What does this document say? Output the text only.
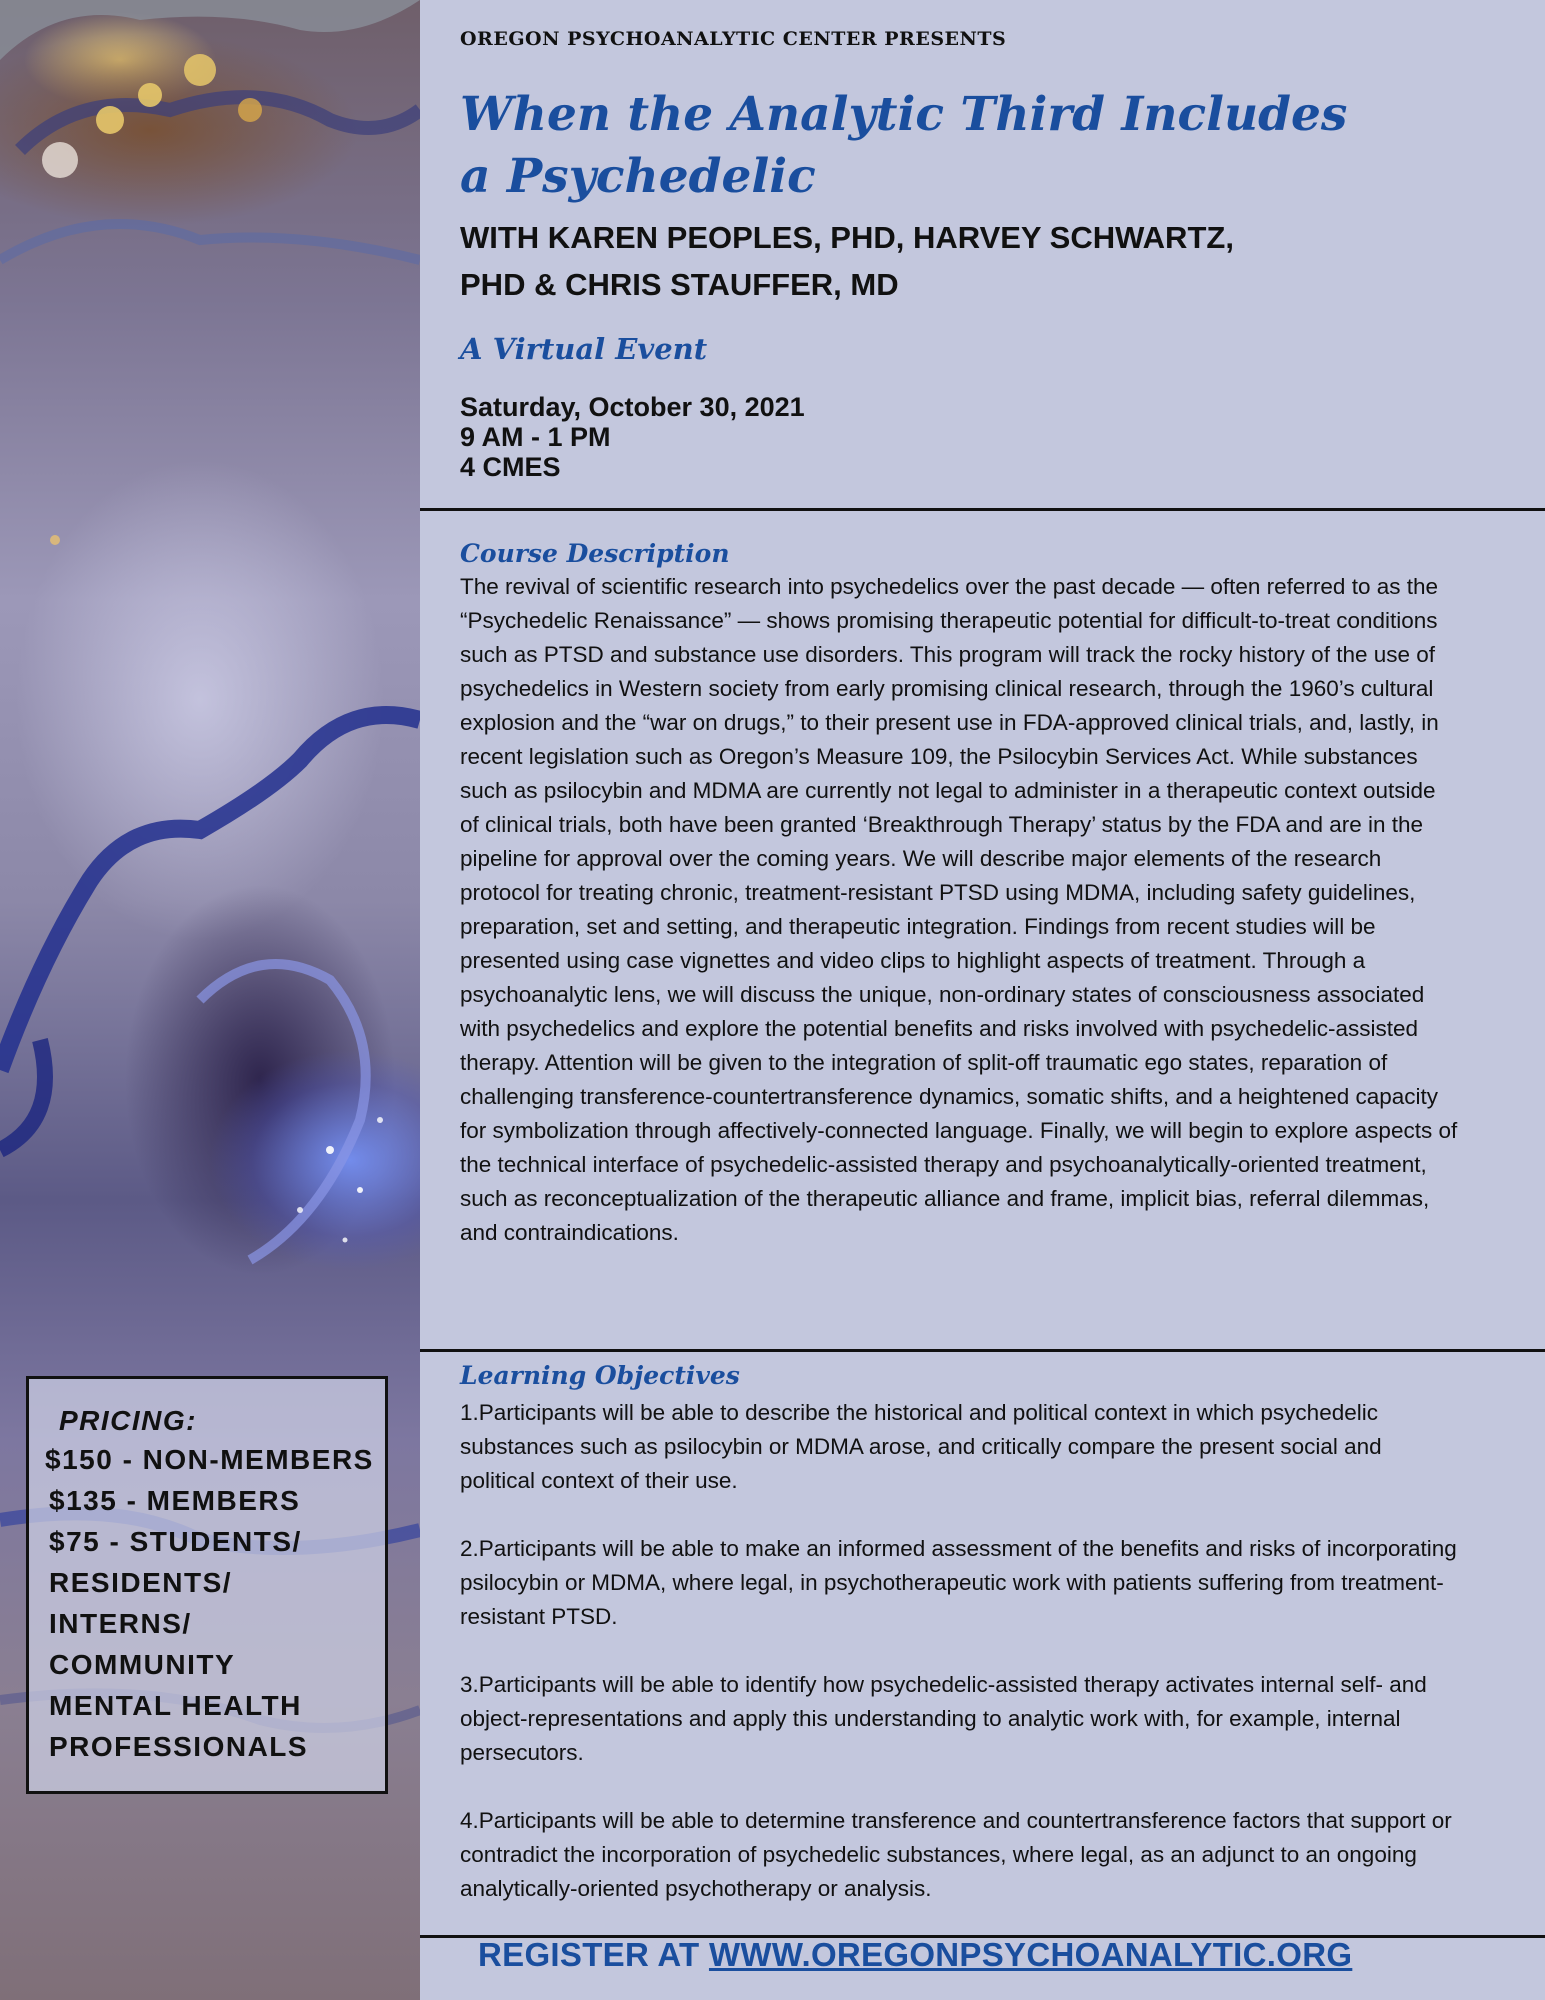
PRICING:
$150 - NON-MEMBERS
$135 - MEMBERS
$75 - STUDENTS/
RESIDENTS/
INTERNS/
COMMUNITY
MENTAL HEALTH
PROFESSIONALS
OREGON PSYCHOANALYTIC CENTER PRESENTS
When the Analytic Third Includes
a Psychedelic
WITH KAREN PEOPLES, PHD, HARVEY SCHWARTZ,
PHD & CHRIS STAUFFER, MD
A Virtual Event
Saturday, October 30, 2021
9 AM - 1 PM
4 CMES
Course Description
The revival of scientific research into psychedelics over the past decade — often referred to as the “Psychedelic Renaissance” — shows promising therapeutic potential for difficult-to-treat conditions such as PTSD and substance use disorders. This program will track the rocky history of the use of psychedelics in Western society from early promising clinical research, through the 1960’s cultural explosion and the “war on drugs,” to their present use in FDA-approved clinical trials, and, lastly, in recent legislation such as Oregon’s Measure 109, the Psilocybin Services Act. While substances such as psilocybin and MDMA are currently not legal to administer in a therapeutic context outside of clinical trials, both have been granted ‘Breakthrough Therapy’ status by the FDA and are in the pipeline for approval over the coming years. We will describe major elements of the research protocol for treating chronic, treatment-resistant PTSD using MDMA, including safety guidelines, preparation, set and setting, and therapeutic integration. Findings from recent studies will be presented using case vignettes and video clips to highlight aspects of treatment. Through a psychoanalytic lens, we will discuss the unique, non-ordinary states of consciousness associated with psychedelics and explore the potential benefits and risks involved with psychedelic-assisted therapy. Attention will be given to the integration of split-off traumatic ego states, reparation of challenging transference-countertransference dynamics, somatic shifts, and a heightened capacity for symbolization through affectively-connected language. Finally, we will begin to explore aspects of the technical interface of psychedelic-assisted therapy and psychoanalytically-oriented treatment, such as reconceptualization of the therapeutic alliance and frame, implicit bias, referral dilemmas, and contraindications.
Learning Objectives
1.Participants will be able to describe the historical and political context in which psychedelic substances such as psilocybin or MDMA arose, and critically compare the present social and political context of their use.
2.Participants will be able to make an informed assessment of the benefits and risks of incorporating psilocybin or MDMA, where legal, in psychotherapeutic work with patients suffering from treatment-resistant PTSD.
3.Participants will be able to identify how psychedelic-assisted therapy activates internal self- and object-representations and apply this understanding to analytic work with, for example, internal persecutors.
4.Participants will be able to determine transference and countertransference factors that support or contradict the incorporation of psychedelic substances, where legal, as an adjunct to an ongoing analytically-oriented psychotherapy or analysis.
REGISTER AT WWW.OREGONPSYCHOANALYTIC.ORG
